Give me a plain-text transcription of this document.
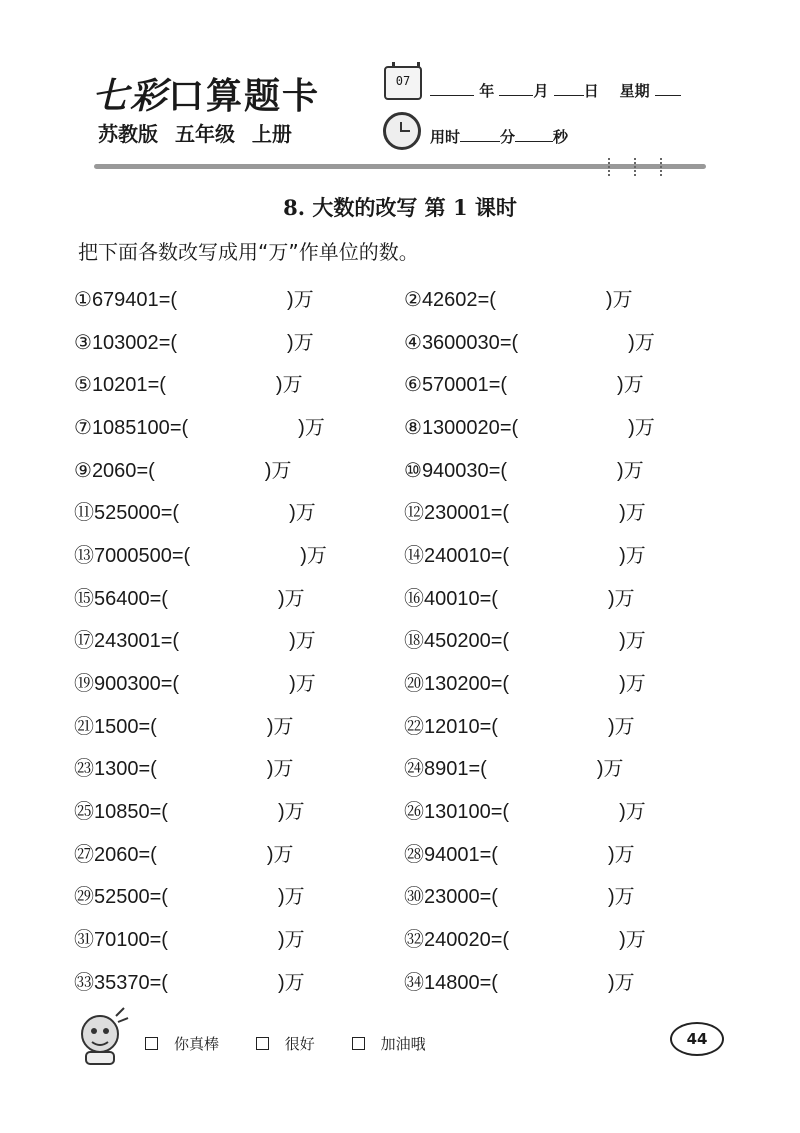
七彩口算题卡
苏教版 五年级 上册
07
年	月 日 星期
用时	分	秒
8. 大数的改写 第 1 课时
把下面各数改写成用“万”作单位的数。
①679401=(	)万	②42602=(	)万
③103002=(	)万	④3600030=(	)万
⑤10201=(	)万	⑥570001=(	)万
⑦1085100=(	)万	⑧1300020=(	)万
⑨2060=(	)万	⑩940030=(	)万
⑪525000=(	)万	⑫230001=(	)万
⑬7000500=(	)万	⑭240010=(	)万
⑮56400=(	)万	⑯40010=(	)万
⑰243001=(	)万	⑱450200=(	)万
⑲900300=(	)万	⑳130200=(	)万
㉑1500=(	)万	㉒12010=(	)万
㉓1300=(	)万	㉔8901=(	)万
㉕10850=(	)万	㉖130100=(	)万
㉗2060=(	)万	㉘94001=(	)万
㉙52500=(	)万	㉚23000=(	)万
㉛70100=(	)万	㉜240020=(	)万
㉝35370=(	)万	㉞14800=(	)万
你真棒	很好	加油哦	44
